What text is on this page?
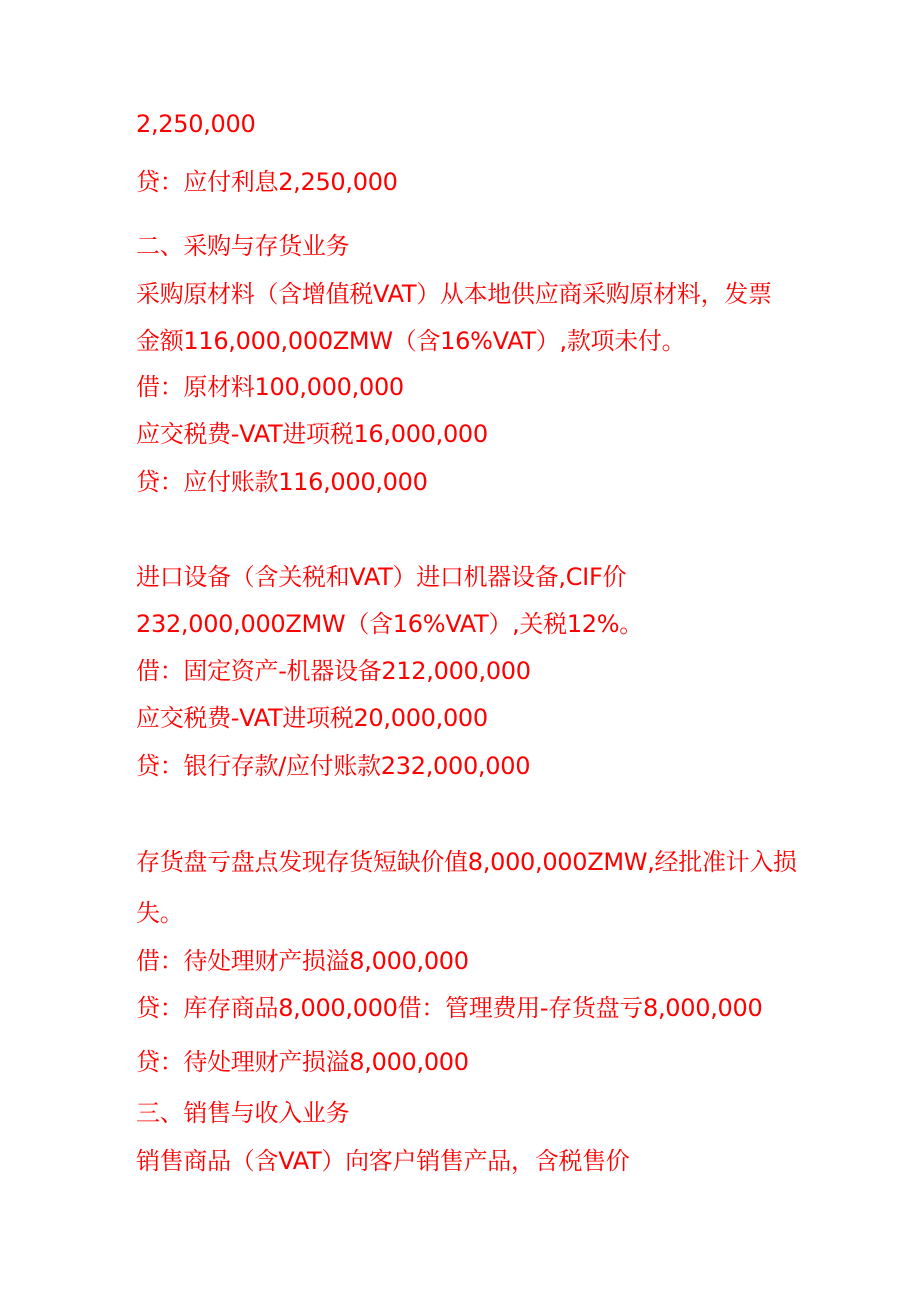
2,250,000

贷：应付利息2,250,000

二、采购与存货业务

采购原材料（含增值税VAT）从本地供应商采购原材料，发票

金额116,000,000ZMW（含16%VAT）,款项未付。

借：原材料100,000,000

应交税费-VAT进项税16,000,000

贷：应付账款116,000,000

进口设备（含关税和VAT）进口机器设备,CIF价

232,000,000ZMW（含16%VAT）,关税12%。

借：固定资产-机器设备212,000,000

应交税费-VAT进项税20,000,000

贷：银行存款/应付账款232,000,000

存货盘亏盘点发现存货短缺价值8,000,000ZMW,经批准计入损

失。

借：待处理财产损溢8,000,000

贷：库存商品8,000,000借：管理费用-存货盘亏8,000,000

贷：待处理财产损溢8,000,000

三、销售与收入业务

销售商品（含VAT）向客户销售产品，含税售价
